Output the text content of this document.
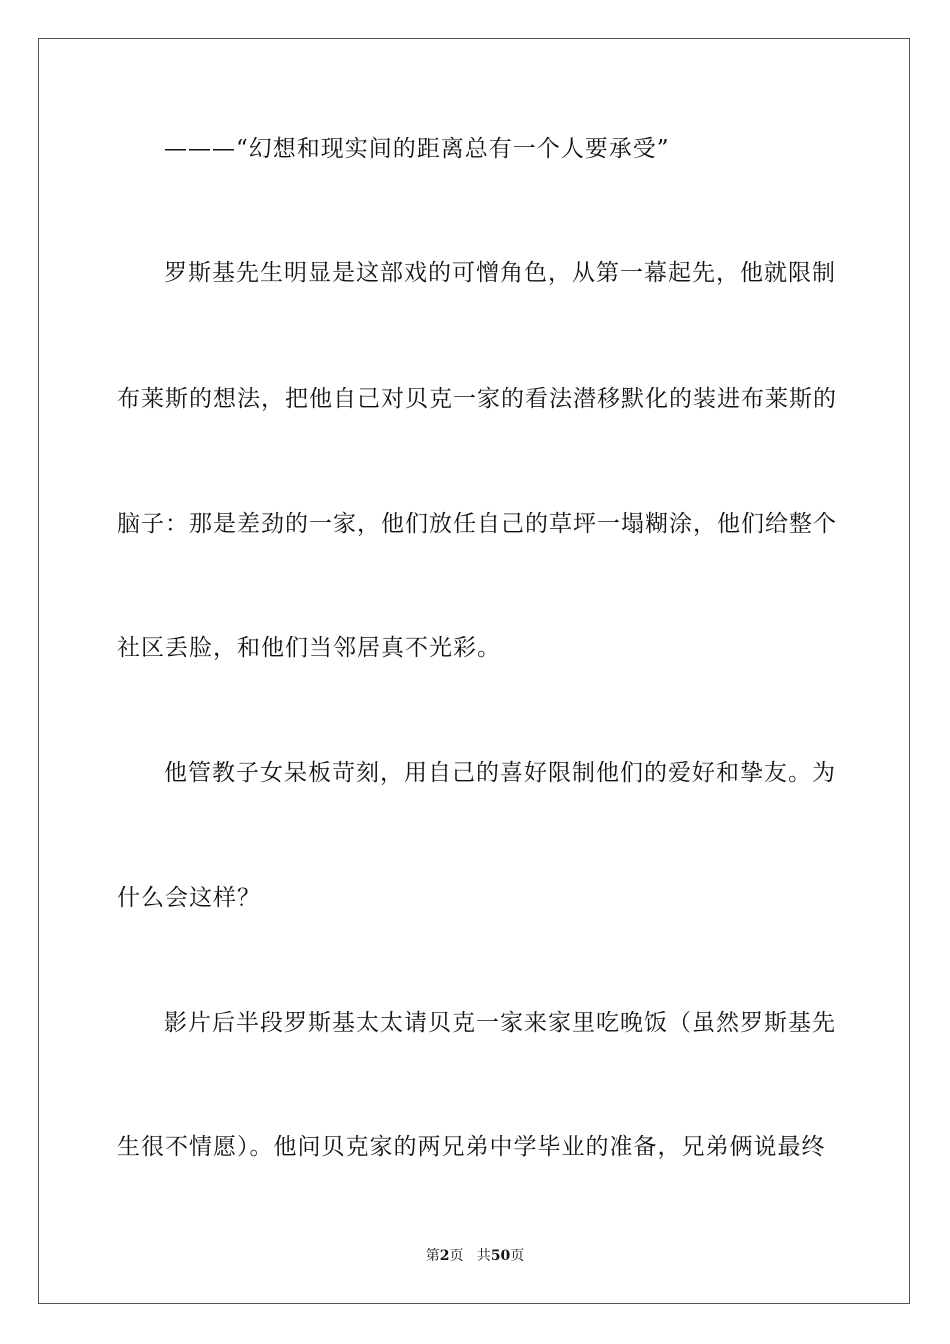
———“幻想和现实间的距离总有一个人要承受”
罗斯基先生明显是这部戏的可憎角色，从第一幕起先，他就限制
布莱斯的想法，把他自己对贝克一家的看法潜移默化的装进布莱斯的
脑子：那是差劲的一家，他们放任自己的草坪一塌糊涂，他们给整个
社区丢脸，和他们当邻居真不光彩。
他管教子女呆板苛刻，用自己的喜好限制他们的爱好和挚友。为
什么会这样？
影片后半段罗斯基太太请贝克一家来家里吃晚饭（虽然罗斯基先
生很不情愿）。他问贝克家的两兄弟中学毕业的准备，兄弟俩说最终
第2页   共50页
